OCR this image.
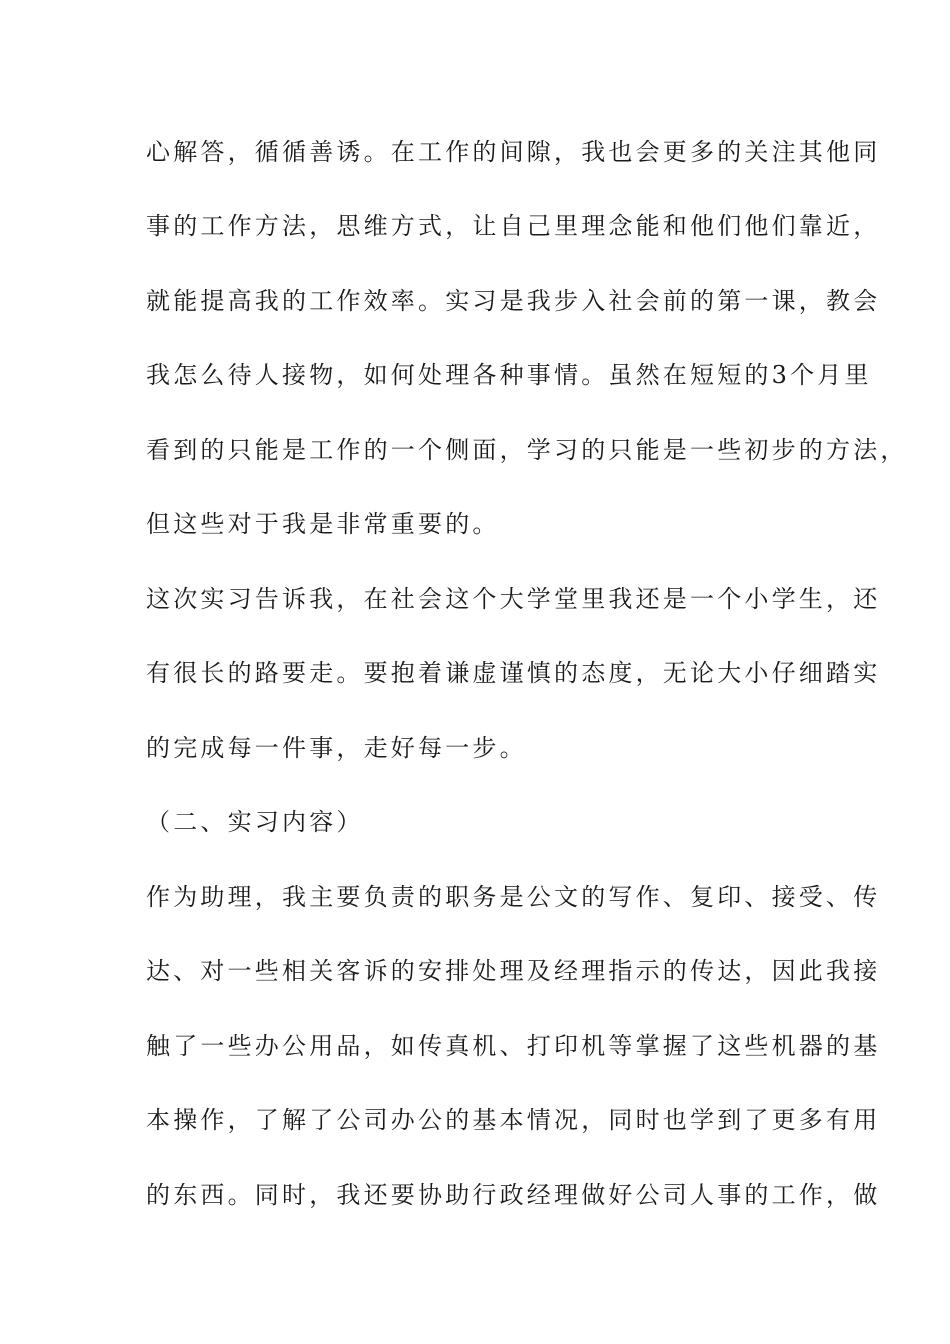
心解答，循循善诱。在工作的间隙，我也会更多的关注其他同
事的工作方法，思维方式，让自己里理念能和他们他们靠近，
就能提高我的工作效率。实习是我步入社会前的第一课，教会
我怎么待人接物，如何处理各种事情。虽然在短短的3个月里
看到的只能是工作的一个侧面，学习的只能是一些初步的方法，
但这些对于我是非常重要的。
这次实习告诉我，在社会这个大学堂里我还是一个小学生，还
有很长的路要走。要抱着谦虚谨慎的态度，无论大小仔细踏实
的完成每一件事，走好每一步。
（二、实习内容）
作为助理，我主要负责的职务是公文的写作、复印、接受、传
达、对一些相关客诉的安排处理及经理指示的传达，因此我接
触了一些办公用品，如传真机、打印机等掌握了这些机器的基
本操作，了解了公司办公的基本情况，同时也学到了更多有用
的东西。同时，我还要协助行政经理做好公司人事的工作，做
